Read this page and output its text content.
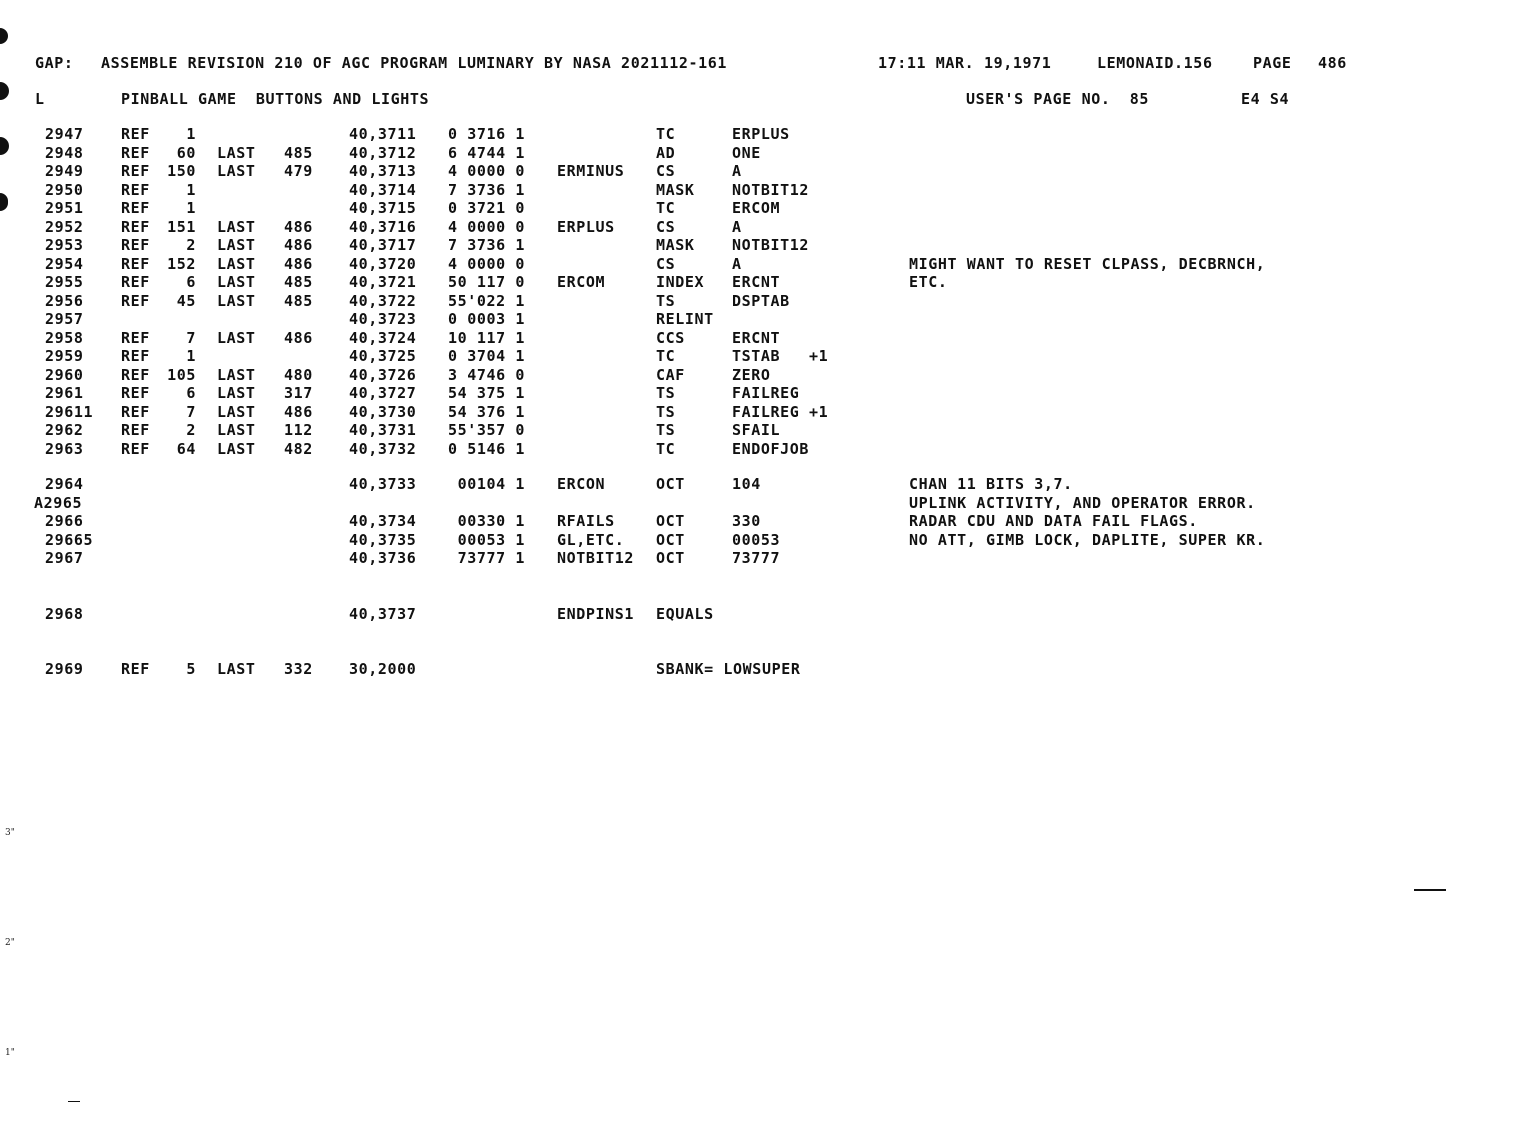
GAP: ASSEMBLE REVISION 210 OF AGC PROGRAM LUMINARY BY NASA 2021112-161	17:11 MAR. 19,1971	LEMONAID.156	PAGE 486
L	PINBALL GAME  BUTTONS AND LIGHTS	USER'S PAGE NO.  85	E4 S4
2947 REF	1	40,3711 0 3716 1	TC	ERPLUS
2948 REF	60 LAST 485 40,3712 6 4744 1	AD	ONE
2949 REF	150 LAST 479 40,3713 4 0000 0 ERMINUS CS	A
2950 REF	1	40,3714 7 3736 1	MASK NOTBIT12
2951 REF	1	40,3715 0 3721 0	TC	ERCOM
2952 REF	151 LAST 486 40,3716 4 0000 0 ERPLUS	CS	A
2953 REF	2 LAST 486 40,3717 7 3736 1	MASK NOTBIT12
2954 REF	152 LAST 486 40,3720 4 0000 0	CS	A	MIGHT WANT TO RESET CLPASS, DECBRNCH,
2955 REF	6 LAST 485 40,3721 50 117 0 ERCOM	INDEX ERCNT	ETC.
2956 REF	45 LAST 485 40,3722 55'022 1	TS	DSPTAB
2957	40,3723 0 0003 1	RELINT
2958 REF	7 LAST 486 40,3724 10 117 1	CCS	ERCNT
2959 REF	1	40,3725 0 3704 1	TC	TSTAB   +1
2960 REF	105 LAST 480 40,3726 3 4746 0	CAF	ZERO
2961 REF	6 LAST 317 40,3727 54 375 1	TS	FAILREG
29611 REF	7 LAST 486 40,3730 54 376 1	TS	FAILREG +1
2962 REF	2 LAST 112 40,3731 55'357 0	TS	SFAIL
2963 REF	64 LAST 482 40,3732 0 5146 1	TC	ENDOFJOB
2964	40,3733 00104 1 ERCON	OCT	104	CHAN 11 BITS 3,7.
A2965	UPLINK ACTIVITY, AND OPERATOR ERROR.
2966	40,3734 00330 1 RFAILS	OCT	330	RADAR CDU AND DATA FAIL FLAGS.
29665	40,3735 00053 1 GL,ETC. OCT	00053	NO ATT, GIMB LOCK, DAPLITE, SUPER KR.
2967	40,3736 73777 1 NOTBIT12 OCT	73777
2968	40,3737	ENDPINS1 EQUALS
2969 REF	5 LAST 332 30,2000	SBANK= LOWSUPER
3"
2"
1"
